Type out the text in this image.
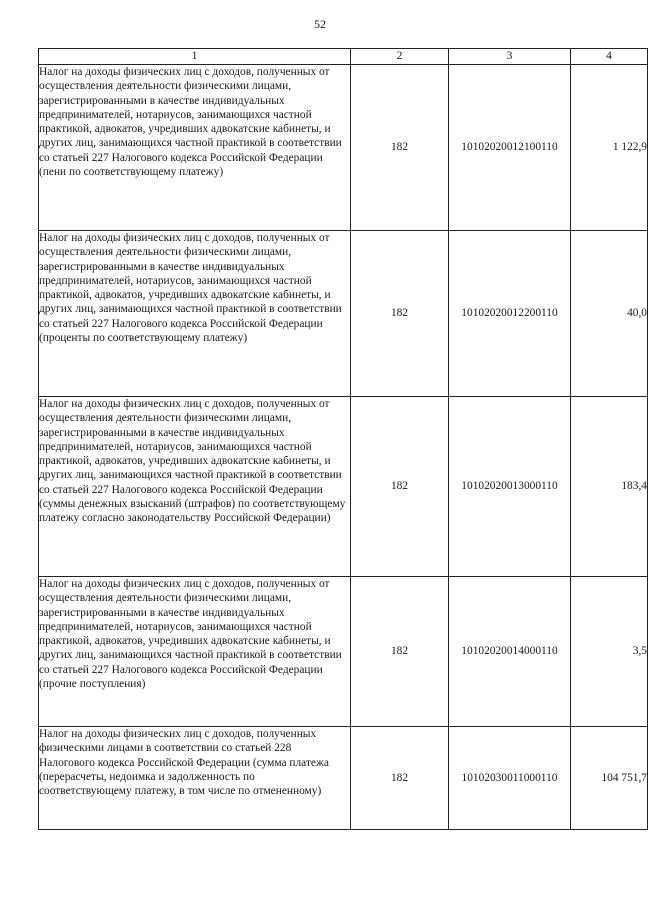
52
1	2	3	4
Налог на доходы физических лиц с доходов, полученных от осуществления деятельности физическими лицами, зарегистрированными в качестве индивидуальных предпринимателей, нотариусов, занимающихся частной практикой, адвокатов, учредивших адвокатские кабинеты, и других лиц, занимающихся частной практикой в соответствии со статьей 227 Налогового кодекса Российской Федерации (пени по соответствующему платежу)	182	10102020012100110	1 122,9
Налог на доходы физических лиц с доходов, полученных от осуществления деятельности физическими лицами, зарегистрированными в качестве индивидуальных предпринимателей, нотариусов, занимающихся частной практикой, адвокатов, учредивших адвокатские кабинеты, и других лиц, занимающихся частной практикой в соответствии со статьей 227 Налогового кодекса Российской Федерации (проценты по соответствующему платежу)	182	10102020012200110	40,0
Налог на доходы физических лиц с доходов, полученных от осуществления деятельности физическими лицами, зарегистрированными в качестве индивидуальных предпринимателей, нотариусов, занимающихся частной практикой, адвокатов, учредивших адвокатские кабинеты, и других лиц, занимающихся частной практикой в соответствии со статьей 227 Налогового кодекса Российской Федерации (суммы денежных взысканий (штрафов) по соответствующему платежу согласно законодательству Российской Федерации)	182	10102020013000110	183,4
Налог на доходы физических лиц с доходов, полученных от осуществления деятельности физическими лицами, зарегистрированными в качестве индивидуальных предпринимателей, нотариусов, занимающихся частной практикой, адвокатов, учредивших адвокатские кабинеты, и других лиц, занимающихся частной практикой в соответствии со статьей 227 Налогового кодекса Российской Федерации (прочие поступления)	182	10102020014000110	3,5
Налог на доходы физических лиц с доходов, полученных физическими лицами в соответствии со статьей 228 Налогового кодекса Российской Федерации (сумма платежа (перерасчеты, недоимка и задолженность по соответствующему платежу, в том числе по отмененному)	182	10102030011000110	104 751,7
